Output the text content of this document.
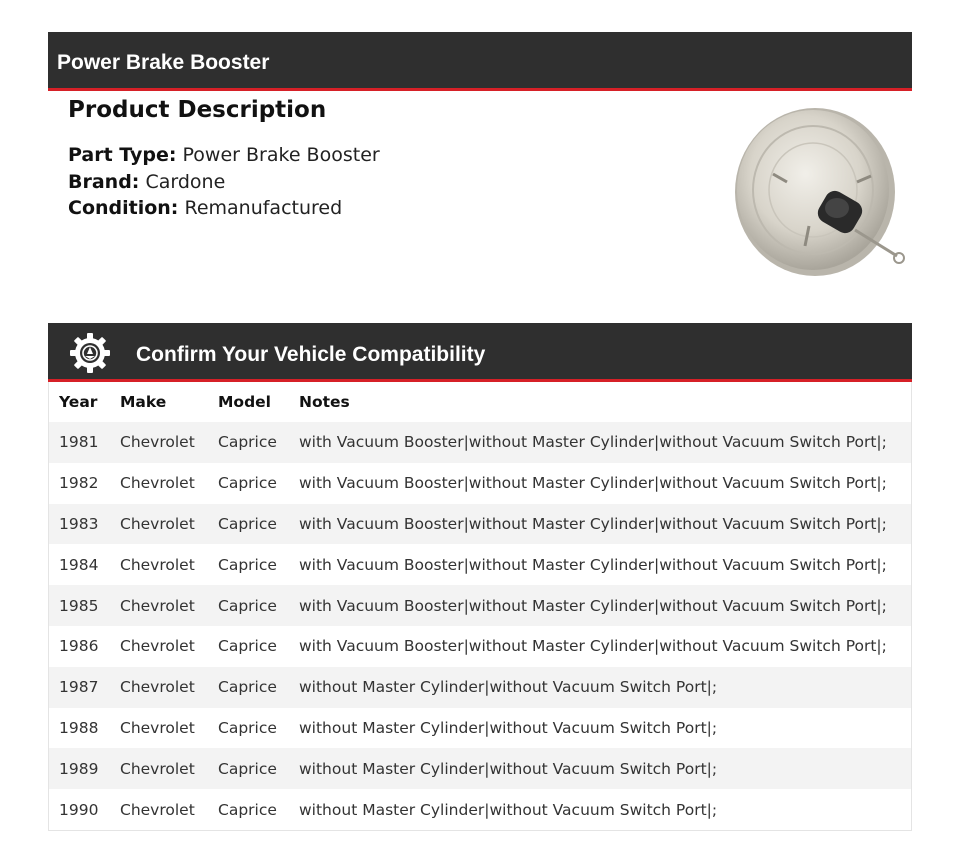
Power Brake Booster
Product Description
Part Type: Power Brake Booster
Brand: Cardone
Condition: Remanufactured
Confirm Your Vehicle Compatibility
Year	Make	Model	Notes
1981	Chevrolet	Caprice	with Vacuum Booster|without Master Cylinder|without Vacuum Switch Port|;
1982	Chevrolet	Caprice	with Vacuum Booster|without Master Cylinder|without Vacuum Switch Port|;
1983	Chevrolet	Caprice	with Vacuum Booster|without Master Cylinder|without Vacuum Switch Port|;
1984	Chevrolet	Caprice	with Vacuum Booster|without Master Cylinder|without Vacuum Switch Port|;
1985	Chevrolet	Caprice	with Vacuum Booster|without Master Cylinder|without Vacuum Switch Port|;
1986	Chevrolet	Caprice	with Vacuum Booster|without Master Cylinder|without Vacuum Switch Port|;
1987	Chevrolet	Caprice	without Master Cylinder|without Vacuum Switch Port|;
1988	Chevrolet	Caprice	without Master Cylinder|without Vacuum Switch Port|;
1989	Chevrolet	Caprice	without Master Cylinder|without Vacuum Switch Port|;
1990	Chevrolet	Caprice	without Master Cylinder|without Vacuum Switch Port|;
